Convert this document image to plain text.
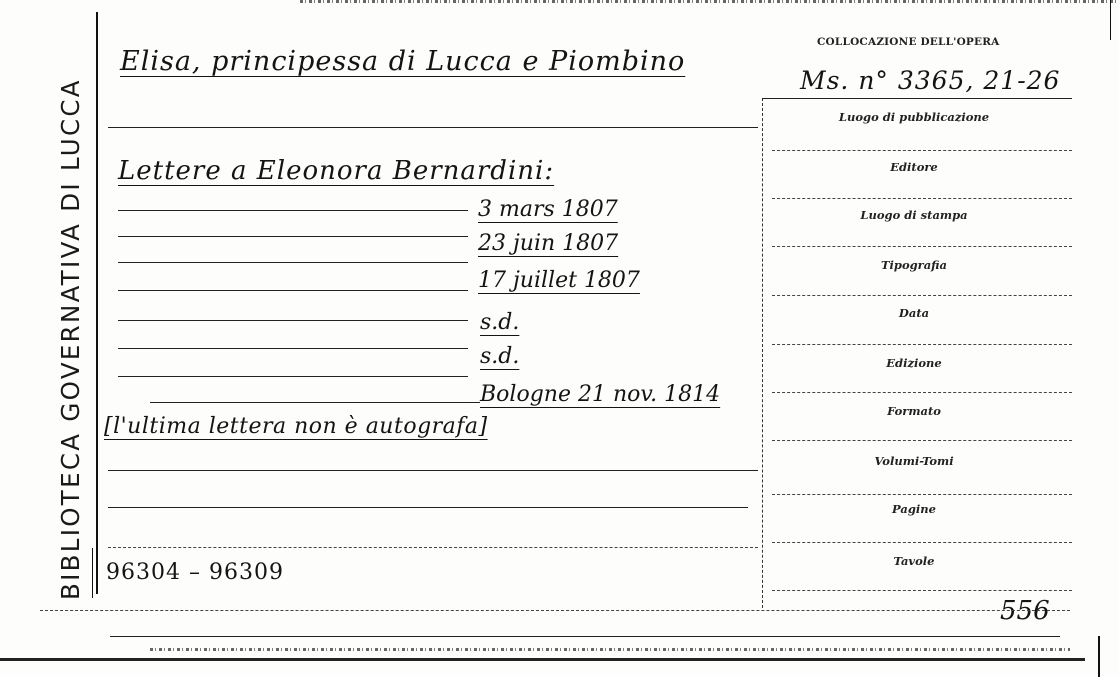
BIBLIOTECA GOVERNATIVA DI LUCCA
Elisa, principessa di Lucca e Piombino
Ms. n° 3365, 21-26
COLLOCAZIONE DELL'OPERA
Lettere a Eleonora Bernardini:
3 mars 1807
23 juin 1807
17 juillet 1807
s.d.
s.d.
Bologne 21 nov. 1814
[l'ultima lettera non è autografa]
96304 – 96309
Luogo di pubblicazione
Editore
Luogo di stampa
Tipografia
Data
Edizione
Formato
Volumi-Tomi
Pagine
Tavole
556
